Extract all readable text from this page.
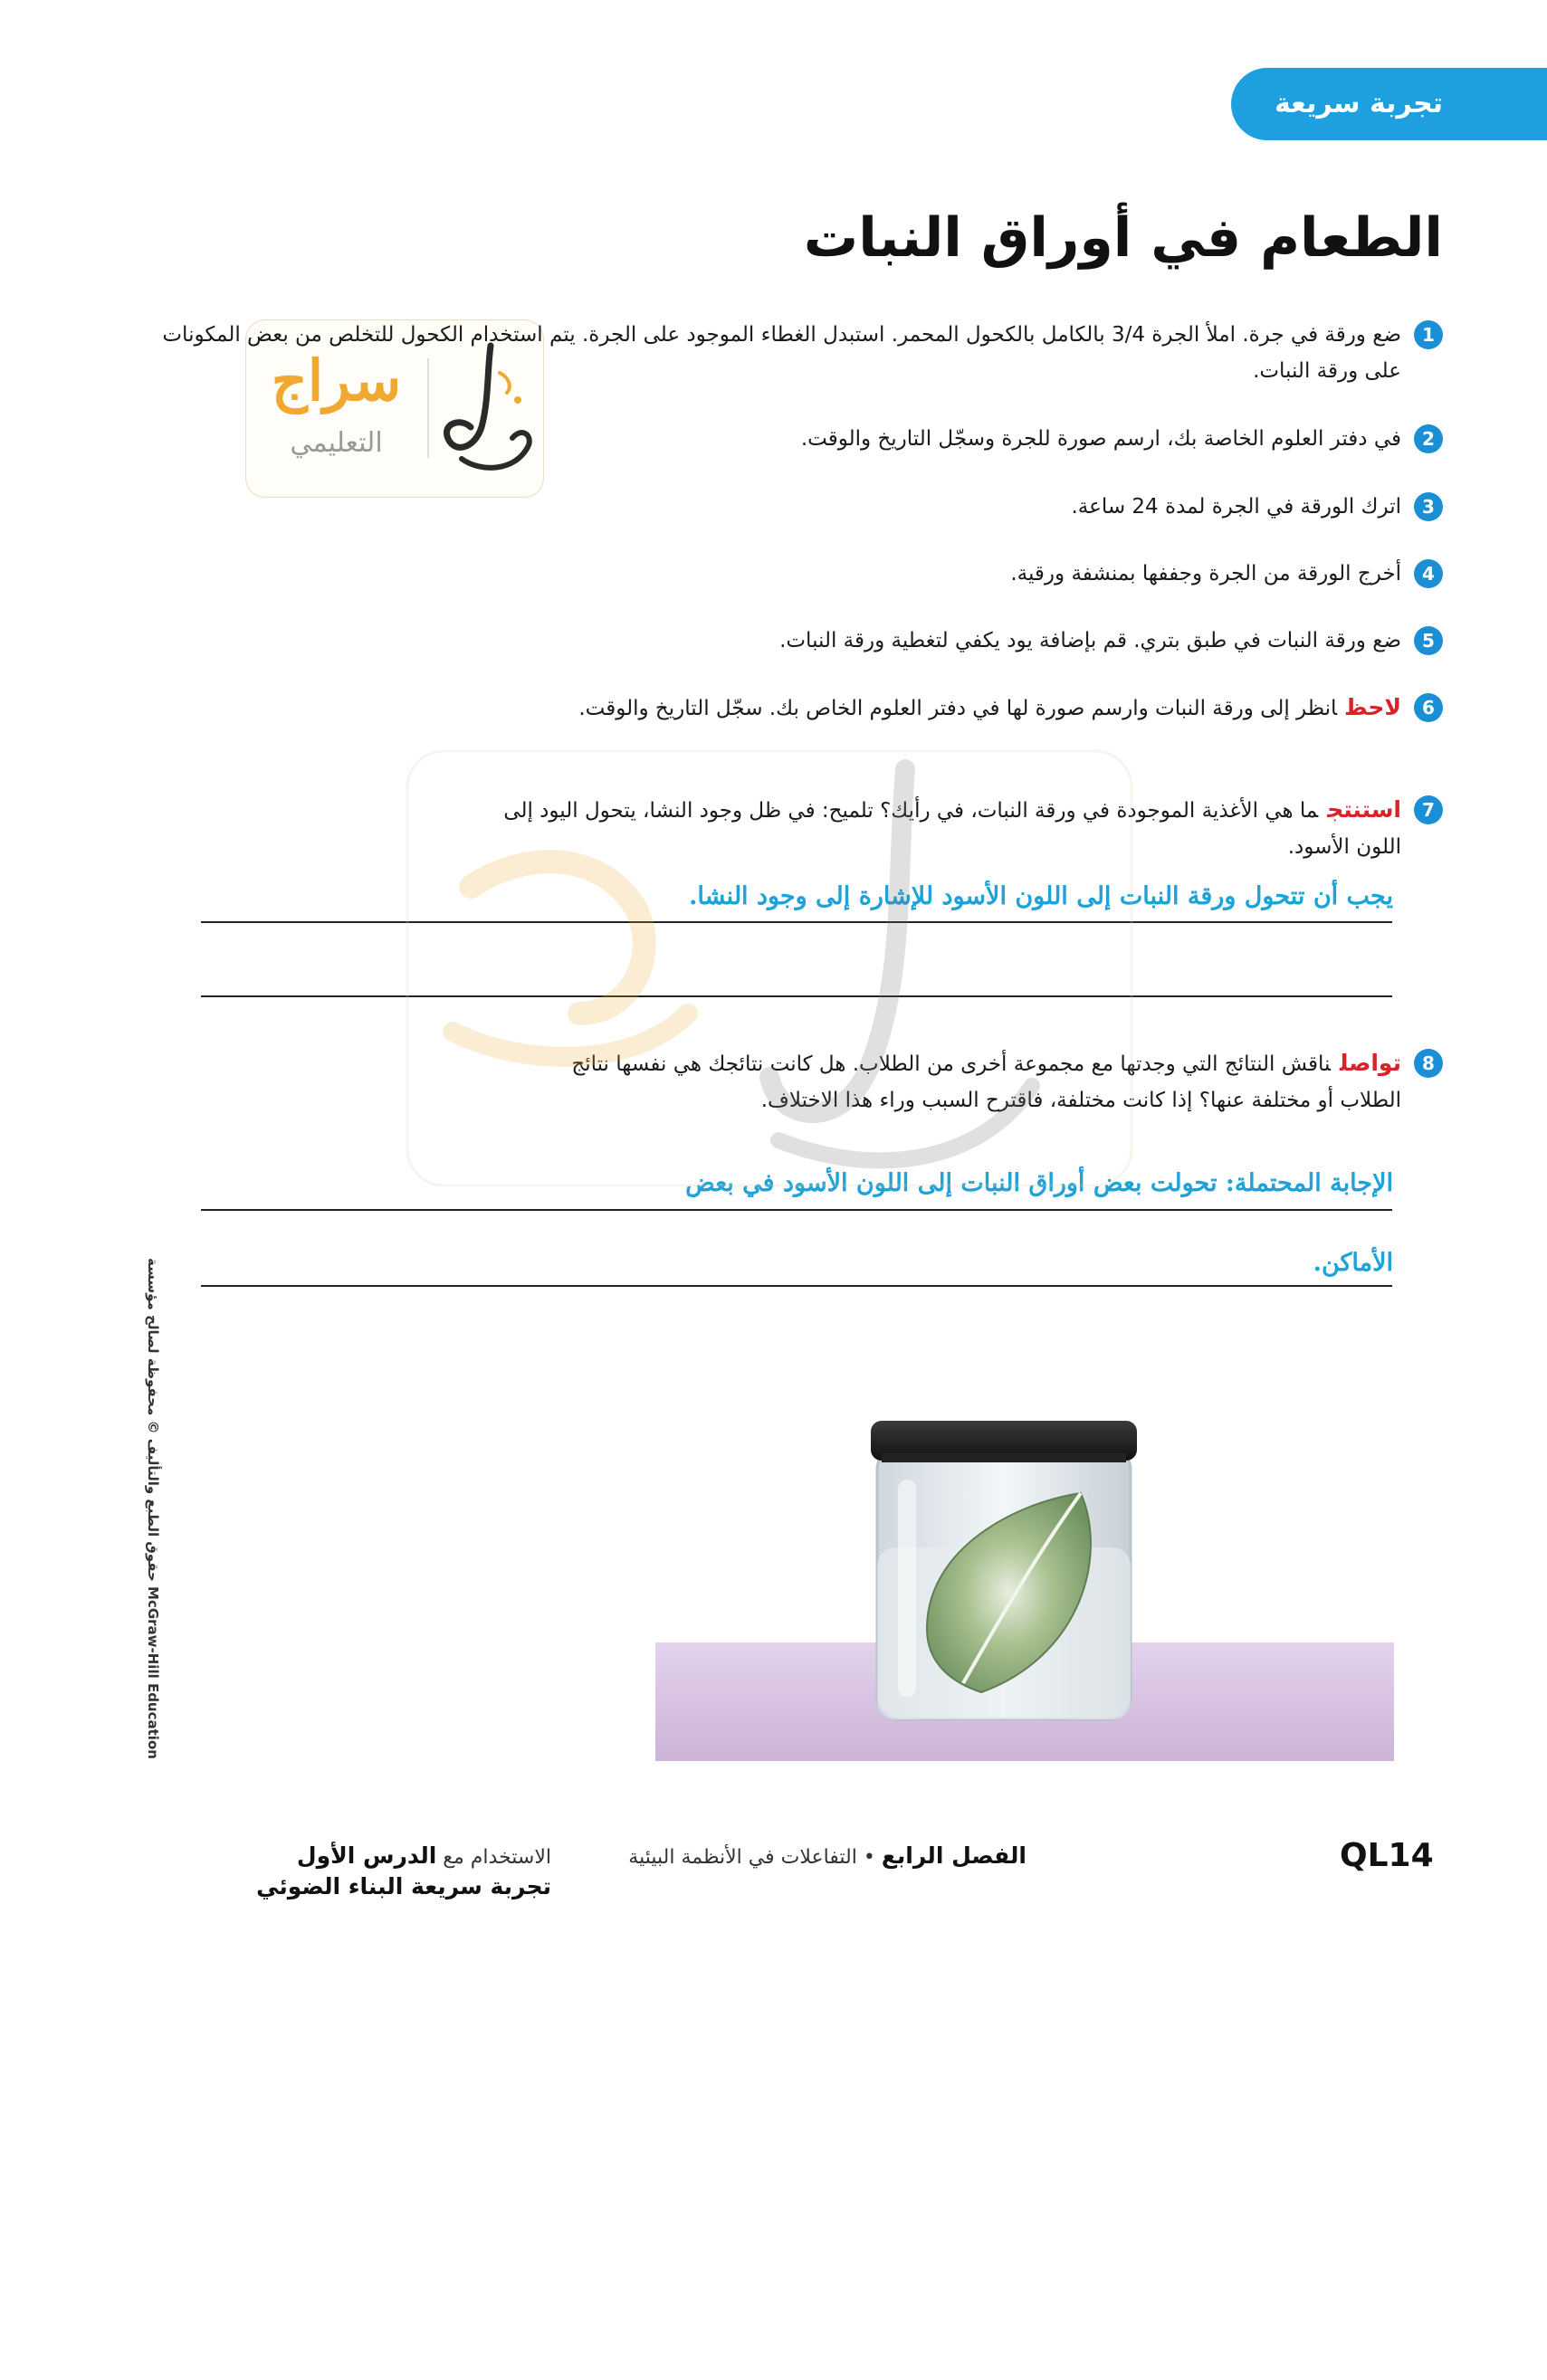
تجربة سريعة
الطعام في أوراق النبات
سراج
التعليمي
1
ضع ورقة في جرة. املأ الجرة 3/4 بالكامل بالكحول المحمر. استبدل الغطاء الموجود على الجرة. يتم استخدام الكحول للتخلص من بعض المكونات على ورقة النبات.
2
في دفتر العلوم الخاصة بك، ارسم صورة للجرة وسجّل التاريخ والوقت.
3
اترك الورقة في الجرة لمدة 24 ساعة.
4
أخرج الورقة من الجرة وجففها بمنشفة ورقية.
5
ضع ورقة النبات في طبق بتري. قم بإضافة يود يكفي لتغطية ورقة النبات.
6
لاحظانظر إلى ورقة النبات وارسم صورة لها في دفتر العلوم الخاص بك. سجّل التاريخ والوقت.
7
استنتجما هي الأغذية الموجودة في ورقة النبات، في رأيك؟ تلميح: في ظل وجود النشا، يتحول اليود إلى اللون الأسود.
يجب أن تتحول ورقة النبات إلى اللون الأسود للإشارة إلى وجود النشا.
8
تواصلناقش النتائج التي وجدتها مع مجموعة أخرى من الطلاب. هل كانت نتائجك هي نفسها نتائج الطلاب أو مختلفة عنها؟ إذا كانت مختلفة، فاقترح السبب وراء هذا الاختلاف.
الإجابة المحتملة: تحولت بعض أوراق النبات إلى اللون الأسود في بعض
الأماكن.
حقوق الطبع والتأليف © محفوظة لصالح مؤسسة McGraw-Hill Education
QL14
الفصل الرابع • التفاعلات في الأنظمة البيئية
الاستخدام مع الدرس الأول
تجربة سريعة البناء الضوئي
